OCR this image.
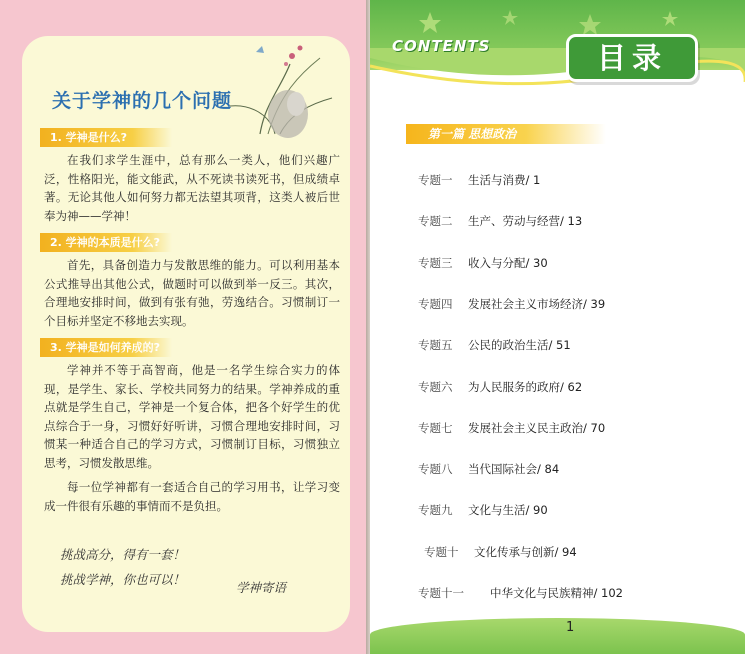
关于学神的几个问题
1. 学神是什么?

在我们求学生涯中，总有那么一类人，他们兴趣广泛，性格阳光，能文能武，从不死读书读死书，但成绩卓著。无论其他人如何努力都无法望其项背，这类人被后世奉为神——学神！

2. 学神的本质是什么?

首先，具备创造力与发散思维的能力。可以利用基本公式推导出其他公式，做题时可以做到举一反三。其次，合理地安排时间，做到有张有弛，劳逸结合。习惯制订一个目标并坚定不移地去实现。

3. 学神是如何养成的?

学神并不等于高智商，他是一名学生综合实力的体现，是学生、家长、学校共同努力的结果。学神养成的重点就是学生自己，学神是一个复合体，把各个好学生的优点综合于一身，习惯好好听讲，习惯合理地安排时间，习惯某一种适合自己的学习方式，习惯制订目标，习惯独立思考，习惯发散思维。

每一位学神都有一套适合自己的学习用书，让学习变成一件很有乐趣的事情而不是负担。

挑战高分，得有一套！
挑战学神，你也可以！
学神寄语
CONTENTS	目录
第一篇 思想政治
专题一 生活与消费/ 1
专题二 生产、劳动与经营/ 13
专题三 收入与分配/ 30
专题四 发展社会主义市场经济/ 39
专题五 公民的政治生活/ 51
专题六 为人民服务的政府/ 62
专题七 发展社会主义民主政治/ 70
专题八 当代国际社会/ 84
专题九 文化与生活/ 90
专题十 文化传承与创新/ 94
专题十一 中华文化与民族精神/ 102
1
